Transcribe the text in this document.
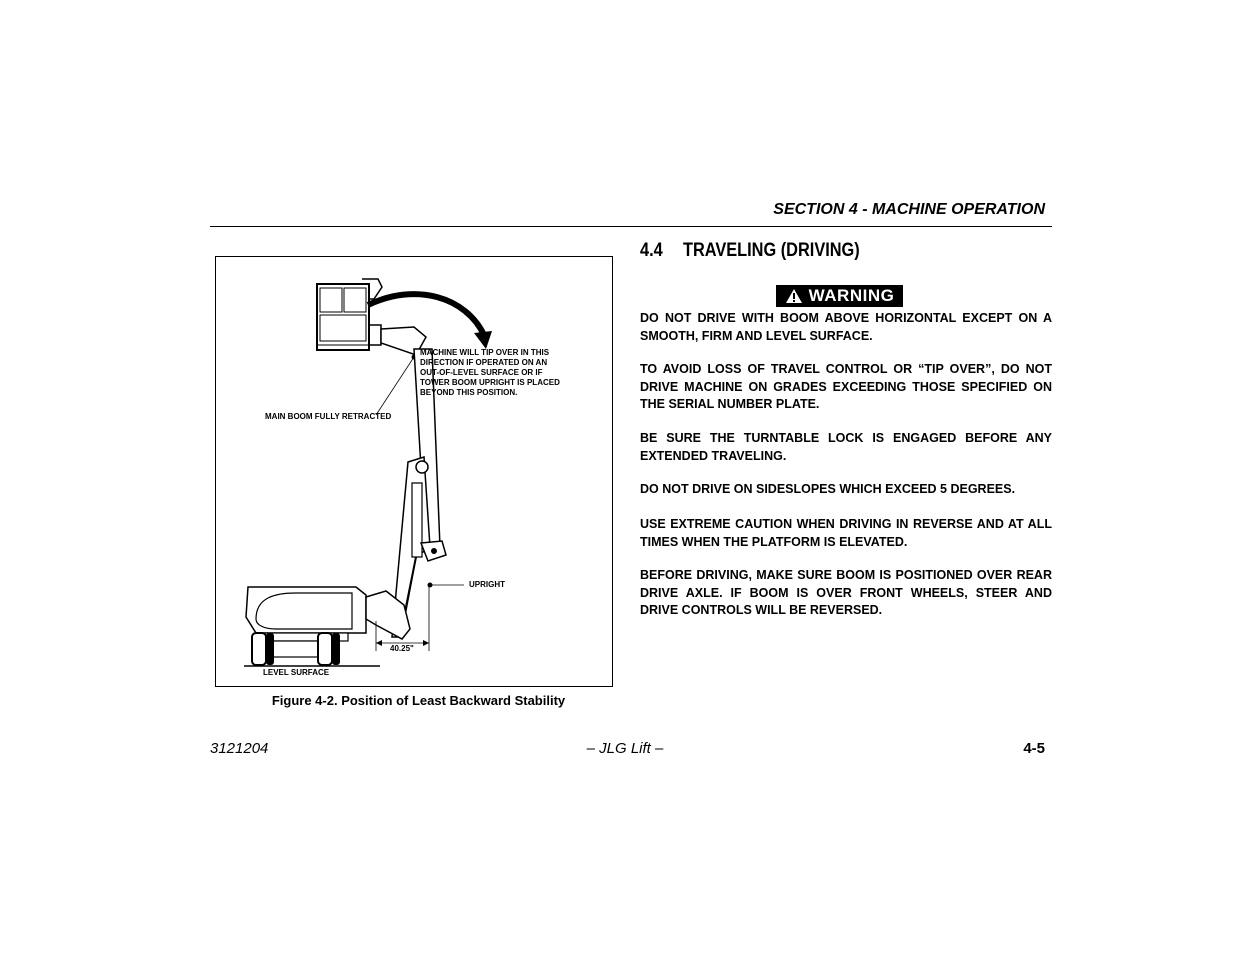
SECTION 4 - MACHINE OPERATION
MACHINE WILL TIP OVER IN THIS
DIRECTION IF OPERATED ON AN
OUT-OF-LEVEL SURFACE OR IF
TOWER BOOM UPRIGHT IS PLACED
BEYOND THIS POSITION.
MAIN BOOM FULLY RETRACTED
UPRIGHT
40.25"
LEVEL SURFACE
Figure 4-2. Position of Least Backward Stability
4.4 TRAVELING (DRIVING)
WARNING
DO NOT DRIVE WITH BOOM ABOVE HORIZONTAL EXCEPT ON A SMOOTH, FIRM AND LEVEL SURFACE.
TO AVOID LOSS OF TRAVEL CONTROL OR “TIP OVER”, DO NOT DRIVE MACHINE ON GRADES EXCEEDING THOSE SPECIFIED ON THE SERIAL NUMBER PLATE.
BE SURE THE TURNTABLE LOCK IS ENGAGED BEFORE ANY EXTENDED TRAVELING.
DO NOT DRIVE ON SIDESLOPES WHICH EXCEED 5 DEGREES.
USE EXTREME CAUTION WHEN DRIVING IN REVERSE AND AT ALL TIMES WHEN THE PLATFORM IS ELEVATED.
BEFORE DRIVING, MAKE SURE BOOM IS POSITIONED OVER REAR DRIVE AXLE. IF BOOM IS OVER FRONT WHEELS, STEER AND DRIVE CONTROLS WILL BE REVERSED.
3121204	– JLG Lift –	4-5
